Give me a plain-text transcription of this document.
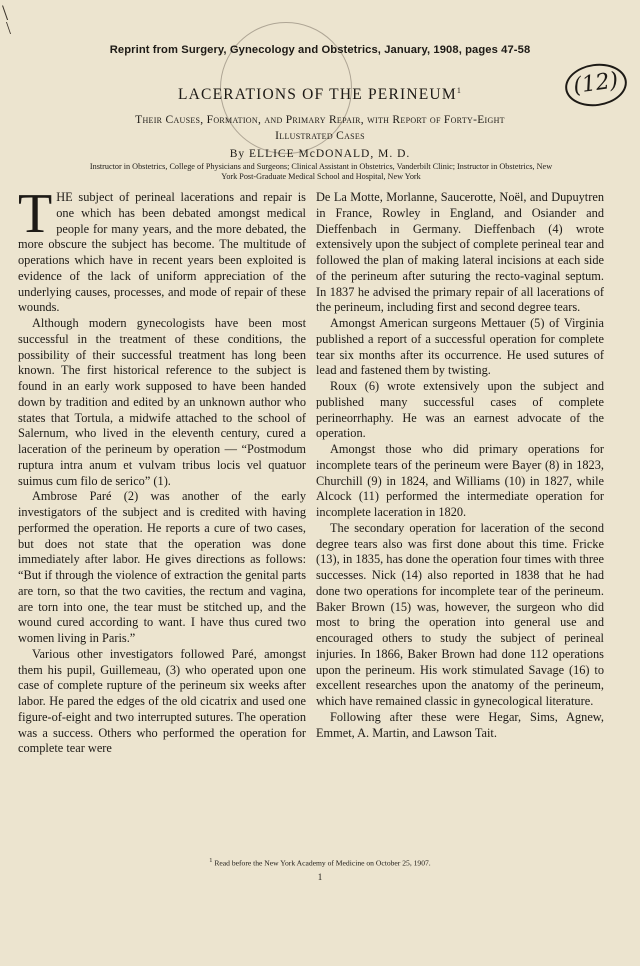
\
\
Reprint from Surgery, Gynecology and Obstetrics, January, 1908, pages 47-58
(12)
LACERATIONS OF THE PERINEUM$^1$
Their Causes, Formation, and Primary Repair, with Report of Forty-Eight
Illustrated Cases
By ELLICE McDONALD, M. D.
Instructor in Obstetrics, College of Physicians and Surgeons; Clinical Assistant in Obstetrics, Vanderbilt Clinic; Instructor in Obstetrics, New
York Post-Graduate Medical School and Hospital, New York

THE subject of perineal lacerations and repair is one which has been debated amongst medical people for many years, and the more debated, the more obscure the subject has become. The multitude of operations which have in recent years been exploited is evidence of the lack of uniform appreciation of the underlying causes, processes, and mode of repair of these wounds.

Although modern gynecologists have been most successful in the treatment of these conditions, the possibility of their successful treatment has long been known. The first historical reference to the subject is found in an early work supposed to have been handed down by tradition and edited by an unknown author who states that Tortula, a midwife attached to the school of Salernum, who lived in the eleventh century, cured a laceration of the perineum by operation — “Postmodum ruptura intra anum et vulvam tribus locis vel quatuor suimus cum filo de serico” (1).

Ambrose Paré (2) was another of the early investigators of the subject and is credited with having performed the operation. He reports a cure of two cases, but does not state that the operation was done immediately after labor. He gives directions as follows: “But if through the violence of extraction the genital parts are torn, so that the two cavities, the rectum and vagina, are torn into one, the tear must be stitched up, and the wound cured according to want. I have thus cured two women living in Paris.”

Various other investigators followed Paré, amongst them his pupil, Guillemeau, (3) who operated upon one case of complete rupture of the perineum six weeks after labor. He pared the edges of the old cicatrix and used one figure-of-eight and two interrupted sutures. The operation was a success. Others who performed the operation for complete tear were

De La Motte, Morlanne, Saucerotte, Noël, and Dupuytren in France, Rowley in England, and Osiander and Dieffenbach in Germany. Dieffenbach (4) wrote extensively upon the subject of complete perineal tear and followed the plan of making lateral incisions at each side of the perineum after suturing the recto-vaginal septum. In 1837 he advised the primary repair of all lacerations of the perineum, including first and second degree tears.

Amongst American surgeons Mettauer (5) of Virginia published a report of a successful operation for complete tear six months after its occurrence. He used sutures of lead and fastened them by twisting.

Roux (6) wrote extensively upon the subject and published many successful cases of complete perineorrhaphy. He was an earnest advocate of the operation.

Amongst those who did primary operations for incomplete tears of the perineum were Bayer (8) in 1823, Churchill (9) in 1824, and Williams (10) in 1827, while Alcock (11) performed the intermediate operation for incomplete laceration in 1820.

The secondary operation for laceration of the second degree tears also was first done about this time. Fricke (13), in 1835, has done the operation four times with three successes. Nick (14) also reported in 1838 that he had done two operations for incomplete tear of the perineum. Baker Brown (15) was, however, the surgeon who did most to bring the operation into general use and encouraged others to study the subject of perineal injuries. In 1866, Baker Brown had done 112 operations upon the perineum. His work stimulated Savage (16) to excellent researches upon the anatomy of the perineum, which have remained classic in gynecological literature.

Following after these were Hegar, Sims, Agnew, Emmet, A. Martin, and Lawson Tait.

$^1$ Read before the New York Academy of Medicine on October 25, 1907.
1
